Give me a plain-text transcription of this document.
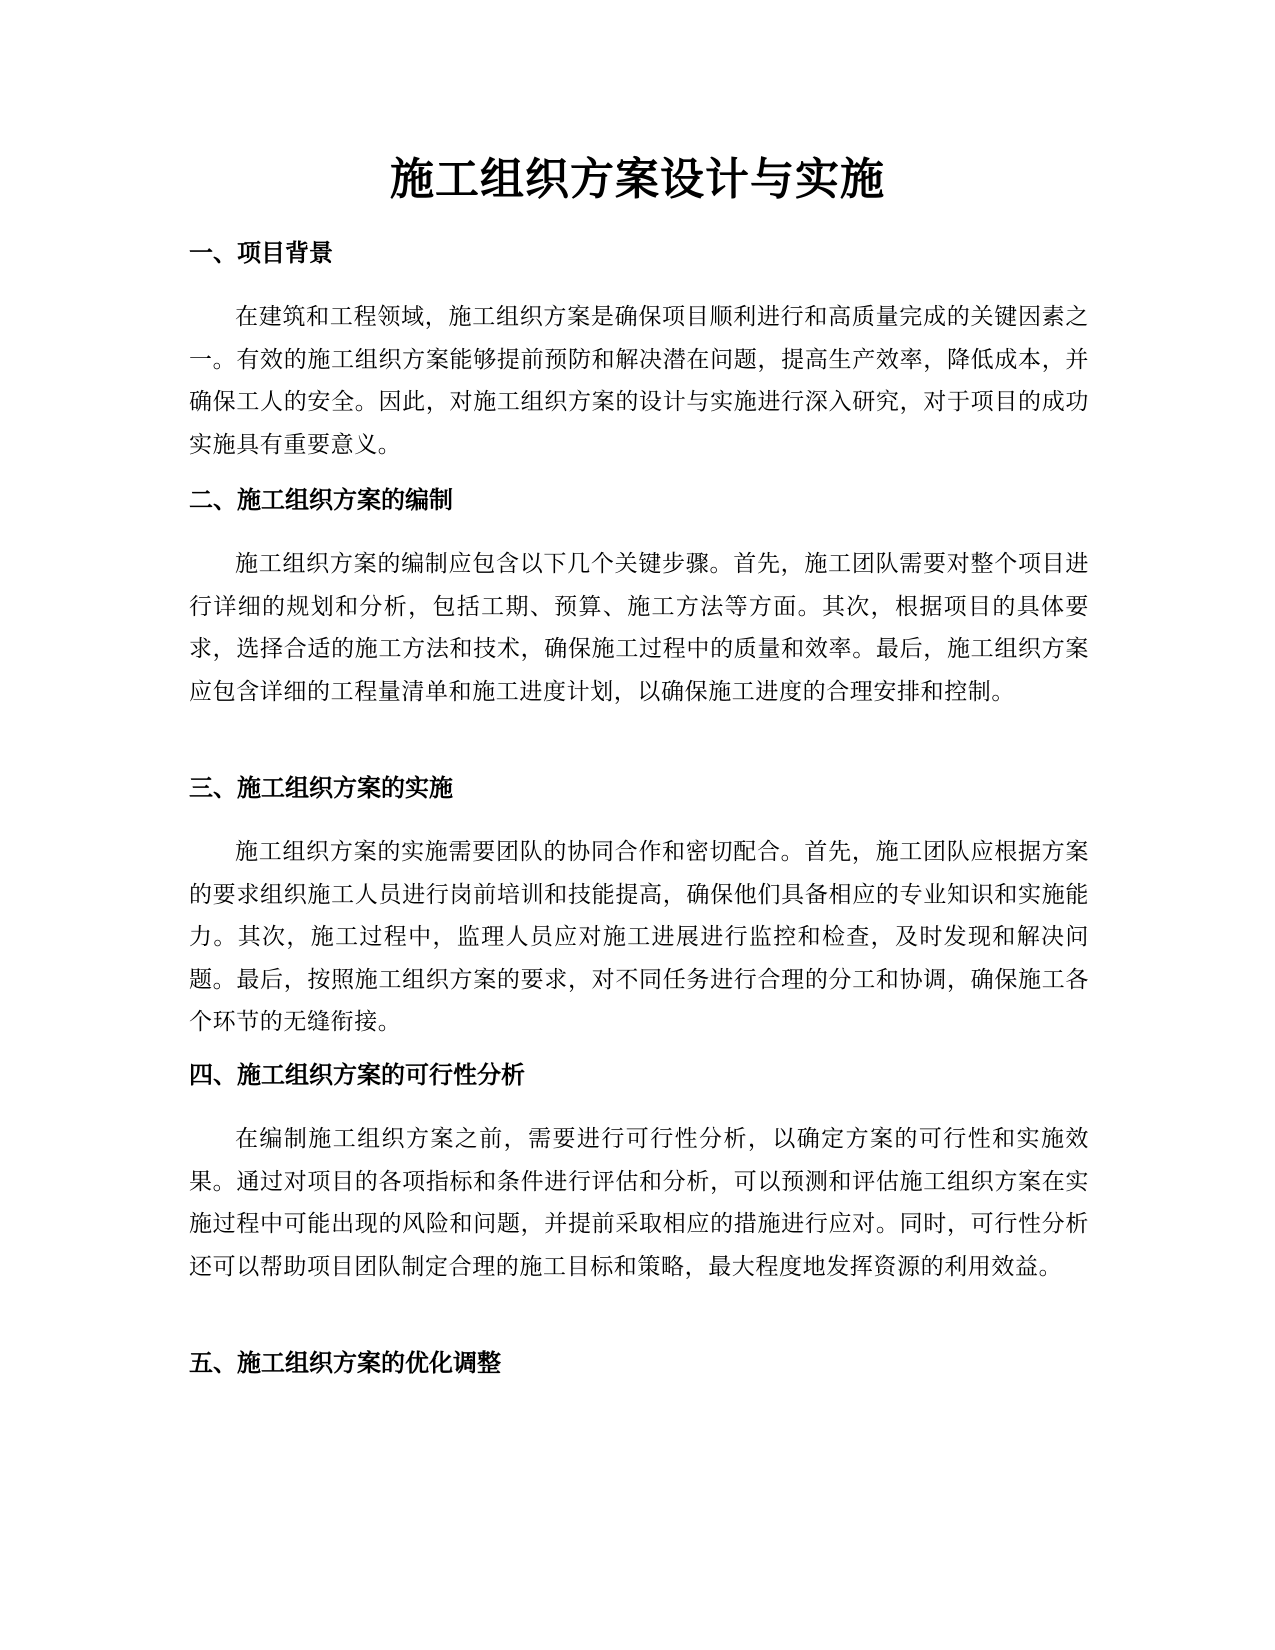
施工组织方案设计与实施
一、项目背景

在建筑和工程领域，施工组织方案是确保项目顺利进行和高质量完成的关键因素之一。有效的施工组织方案能够提前预防和解决潜在问题，提高生产效率，降低成本，并确保工人的安全。因此，对施工组织方案的设计与实施进行深入研究，对于项目的成功实施具有重要意义。

二、施工组织方案的编制

施工组织方案的编制应包含以下几个关键步骤。首先，施工团队需要对整个项目进行详细的规划和分析，包括工期、预算、施工方法等方面。其次，根据项目的具体要求，选择合适的施工方法和技术，确保施工过程中的质量和效率。最后，施工组织方案应包含详细的工程量清单和施工进度计划，以确保施工进度的合理安排和控制。

三、施工组织方案的实施

施工组织方案的实施需要团队的协同合作和密切配合。首先，施工团队应根据方案的要求组织施工人员进行岗前培训和技能提高，确保他们具备相应的专业知识和实施能力。其次，施工过程中，监理人员应对施工进展进行监控和检查，及时发现和解决问题。最后，按照施工组织方案的要求，对不同任务进行合理的分工和协调，确保施工各个环节的无缝衔接。

四、施工组织方案的可行性分析

在编制施工组织方案之前，需要进行可行性分析，以确定方案的可行性和实施效果。通过对项目的各项指标和条件进行评估和分析，可以预测和评估施工组织方案在实施过程中可能出现的风险和问题，并提前采取相应的措施进行应对。同时，可行性分析还可以帮助项目团队制定合理的施工目标和策略，最大程度地发挥资源的利用效益。

五、施工组织方案的优化调整
